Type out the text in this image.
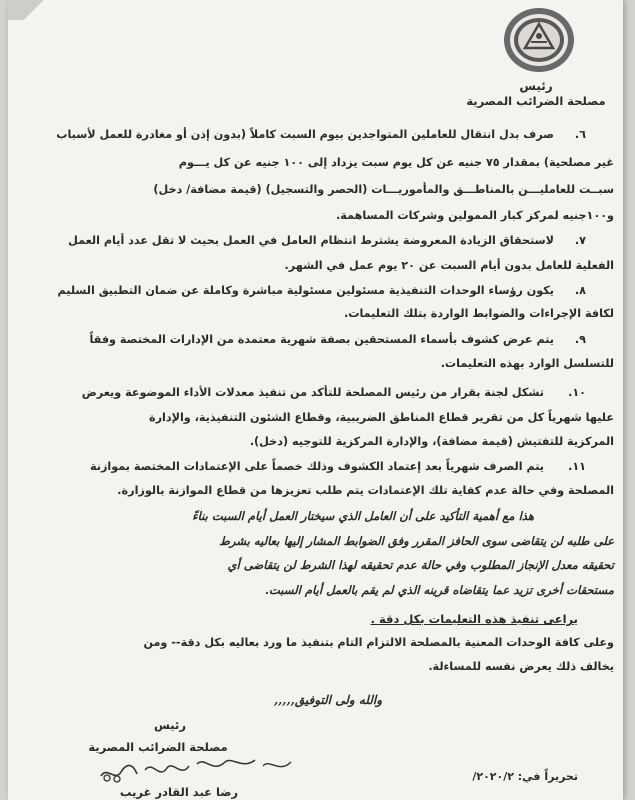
رئيس
مصلحة الضرائب المصرية
٦.
صرف بدل انتقال للعاملين المتواجدين بيوم السبت كاملاً (بدون إذن أو مغادرة للعمل لأسباب
غير مصلحية) بمقدار ٧٥ جنيه عن كل يوم سبت يزداد إلى ١٠٠ جنيه عن كل يـــوم
سبــت للعامليـــن بالمناطـــق والمأموريـــات (الحصر والتسجيل) (قيمة مضافة/ دخل)
و١٠٠جنيه لمركز كبار الممولين وشركات المساهمة.
٧.
لاستحقاق الزيادة المعروضة يشترط انتظام العامل في العمل بحيث لا تقل عدد أيام العمل
الفعلية للعامل بدون أيام السبت عن ٢٠ يوم عمل في الشهر.
٨.
يكون رؤساء الوحدات التنفيذية مسئولين مسئولية مباشرة وكاملة عن ضمان التطبيق السليم
لكافة الإجراءات والضوابط الواردة بتلك التعليمات.
٩.
يتم عرض كشوف بأسماء المستحقين بصفة شهرية معتمدة من الإدارات المختصة وفقاً
للتسلسل الوارد بهذه التعليمات.
١٠.
تشكل لجنة بقرار من رئيس المصلحة للتأكد من تنفيذ معدلات الأداء الموضوعة ويعرض
عليها شهرياً كل من تقرير قطاع المناطق الضريبية، وقطاع الشئون التنفيذية، والإدارة
المركزية للتفتيش (قيمة مضافة)، والإدارة المركزية للتوجيه (دخل).
١١.
يتم الصرف شهرياً بعد إعتماد الكشوف وذلك خصماً على الإعتمادات المختصة بموازنة
المصلحة وفي حالة عدم كفاية تلك الإعتمادات يتم طلب تعزيزها من قطاع الموازنة بالوزارة.
هذا مع أهمية التأكيد على أن العامل الذي سيختار العمل أيام السبت بناءً
على طلبه لن يتقاضى سوى الحافز المقرر وفق الضوابط المشار إليها بعاليه بشرط
تحقيقه معدل الإنجاز المطلوب وفي حالة عدم تحقيقه لهذا الشرط لن يتقاضى أي
مستحقات أخرى تزيد عما يتقاضاه قرينه الذي لم يقم بالعمل أيام السبت.
يراعى تنفيذ هذه التعليمات بكل دقة .
وعلى كافة الوحدات المعنية بالمصلحة الالتزام التام بتنفيذ ما ورد بعاليه بكل دقة-- ومن
يخالف ذلك يعرض نفسه للمساءلة.
والله ولى التوفيق,,,,,
رئيس
مصلحة الضرائب المصرية
رضا عبد القادر غريب
تحريراً في: ٢٠٢٠/٢/
